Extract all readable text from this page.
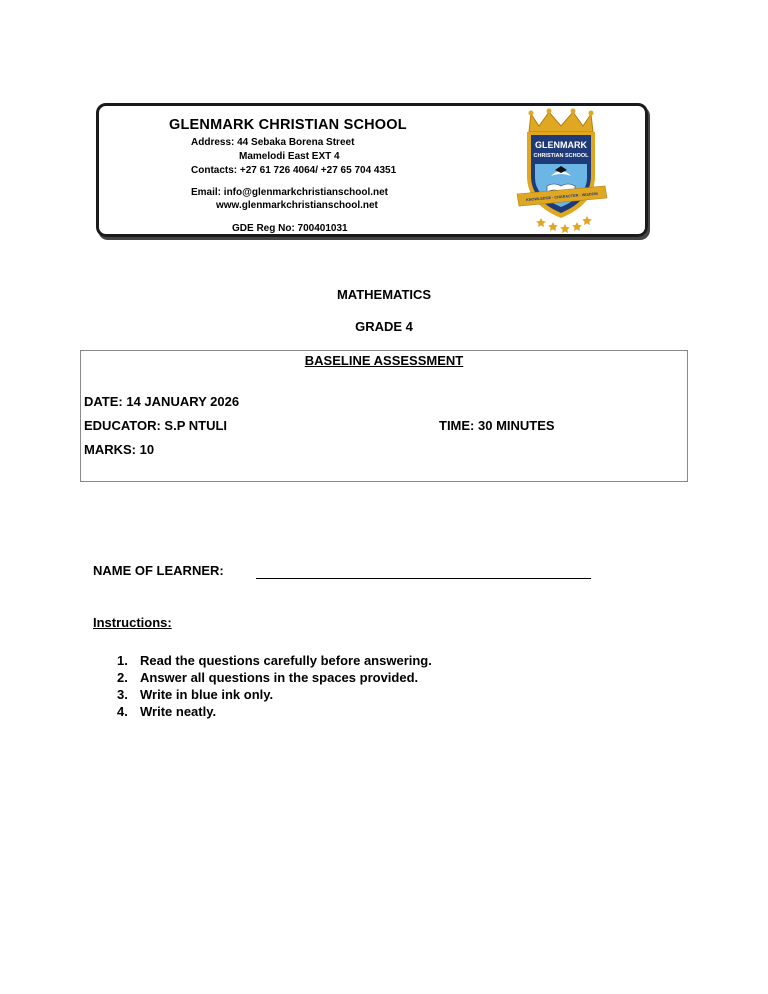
GLENMARK CHRISTIAN SCHOOL
Address: 44 Sebaka Borena Street
Mamelodi East EXT 4
Contacts: +27 61 726 4064/ +27 65 704 4351
Email: info@glenmarkchristianschool.net
www.glenmarkchristianschool.net
GDE Reg No: 700401031
GLENMARK
CHRISTIAN SCHOOL
KNOWLEDGE · CHARACTER · WISDOM
MATHEMATICS
GRADE 4
BASELINE ASSESSMENT
DATE: 14 JANUARY 2026
EDUCATOR: S.P NTULI	TIME: 30 MINUTES
MARKS: 10
NAME OF LEARNER:
Instructions:
1. Read the questions carefully before answering.
2. Answer all questions in the spaces provided.
3. Write in blue ink only.
4. Write neatly.
